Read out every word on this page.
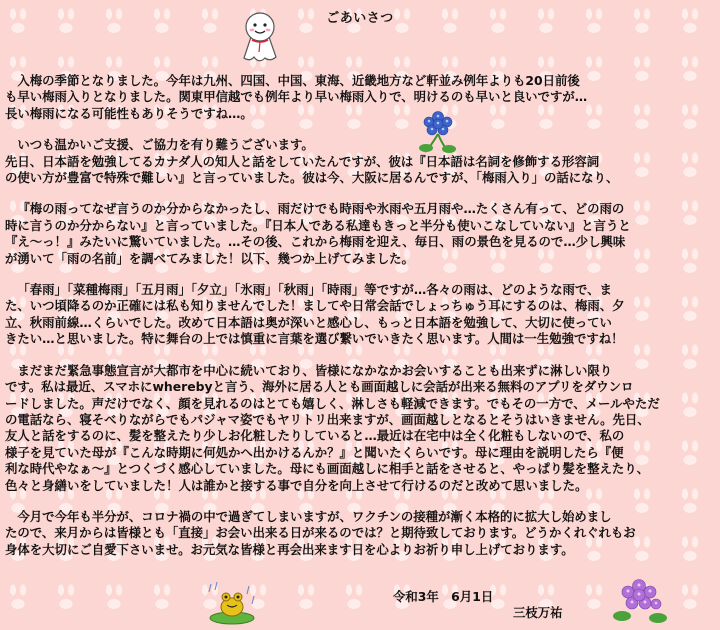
ごあいさつ

入梅の季節となりました。今年は九州、四国、中国、東海、近畿地方など軒並み例年よりも20日前後
も早い梅雨入りとなりました。関東甲信越でも例年より早い梅雨入りで、明けるのも早いと良いですが…
長い梅雨になる可能性もありそうですね…。

いつも温かいご支援、ご協力を有り難うございます。
先日、日本語を勉強してるカナダ人の知人と話をしていたんですが、彼は『日本語は名詞を修飾する形容詞
の使い方が豊富で特殊で難しい』と言っていました。彼は今、大阪に居るんですが、「梅雨入り」の話になり、

『梅の雨ってなぜ言うのか分からなかったし、雨だけでも時雨や氷雨や五月雨や…たくさん有って、どの雨の
時に言うのか分からない』と言っていました。『日本人である私達もきっと半分も使いこなしていない』と言うと
『え～っ！』みたいに驚いていました。…その後、これから梅雨を迎え、毎日、雨の景色を見るので…少し興味
が湧いて「雨の名前」を調べてみました！以下、幾つか上げてみました。

「春雨」「菜種梅雨」「五月雨」「夕立」「氷雨」「秋雨」「時雨」等ですが…各々の雨は、どのような雨で、ま
た、いつ頃降るのか正確には私も知りませんでした！ましてや日常会話でしょっちゅう耳にするのは、梅雨、夕
立、秋雨前線…くらいでした。改めて日本語は奥が深いと感心し、もっと日本語を勉強して、大切に使ってい
きたい…と思いました。特に舞台の上では慎重に言葉を選び繋いでいきたく思います。人間は一生勉強ですね！

まだまだ緊急事態宣言が大都市を中心に続いており、皆様になかなかお会いすることも出来ずに淋しい限り
です。私は最近、スマホにwherebyと言う、海外に居る人とも画面越しに会話が出来る無料のアプリをダウンロ
ードしました。声だけでなく、顔を見れるのはとても嬉しく、淋しさも軽減できます。でもその一方で、メールやただ
の電話なら、寝そべりながらでもパジャマ姿でもヤリトリ出来ますが、画面越しとなるとそうはいきません。先日、
友人と話をするのに、髪を整えたり少しお化粧したりしていると…最近は在宅中は全く化粧もしないので、私の
様子を見ていた母が『こんな時期に何処かへ出かけるんか？』と聞いたくらいです。母に理由を説明したら『便
利な時代やなぁ～』とつくづく感心していました。母にも画面越しに相手と話をさせると、やっぱり髪を整えたり、
色々と身繕いをしていました！人は誰かと接する事で自分を向上させて行けるのだと改めて思いました。

今月で今年も半分が、コロナ禍の中で過ぎてしまいますが、ワクチンの接種が漸く本格的に拡大し始めまし
たので、来月からは皆様とも「直接」お会い出来る日が来るのでは？と期待致しております。どうかくれぐれもお
身体を大切にご自愛下さいませ。お元気な皆様と再会出来ます日を心よりお祈り申し上げております。

令和3年　6月1日
三枝万祐
